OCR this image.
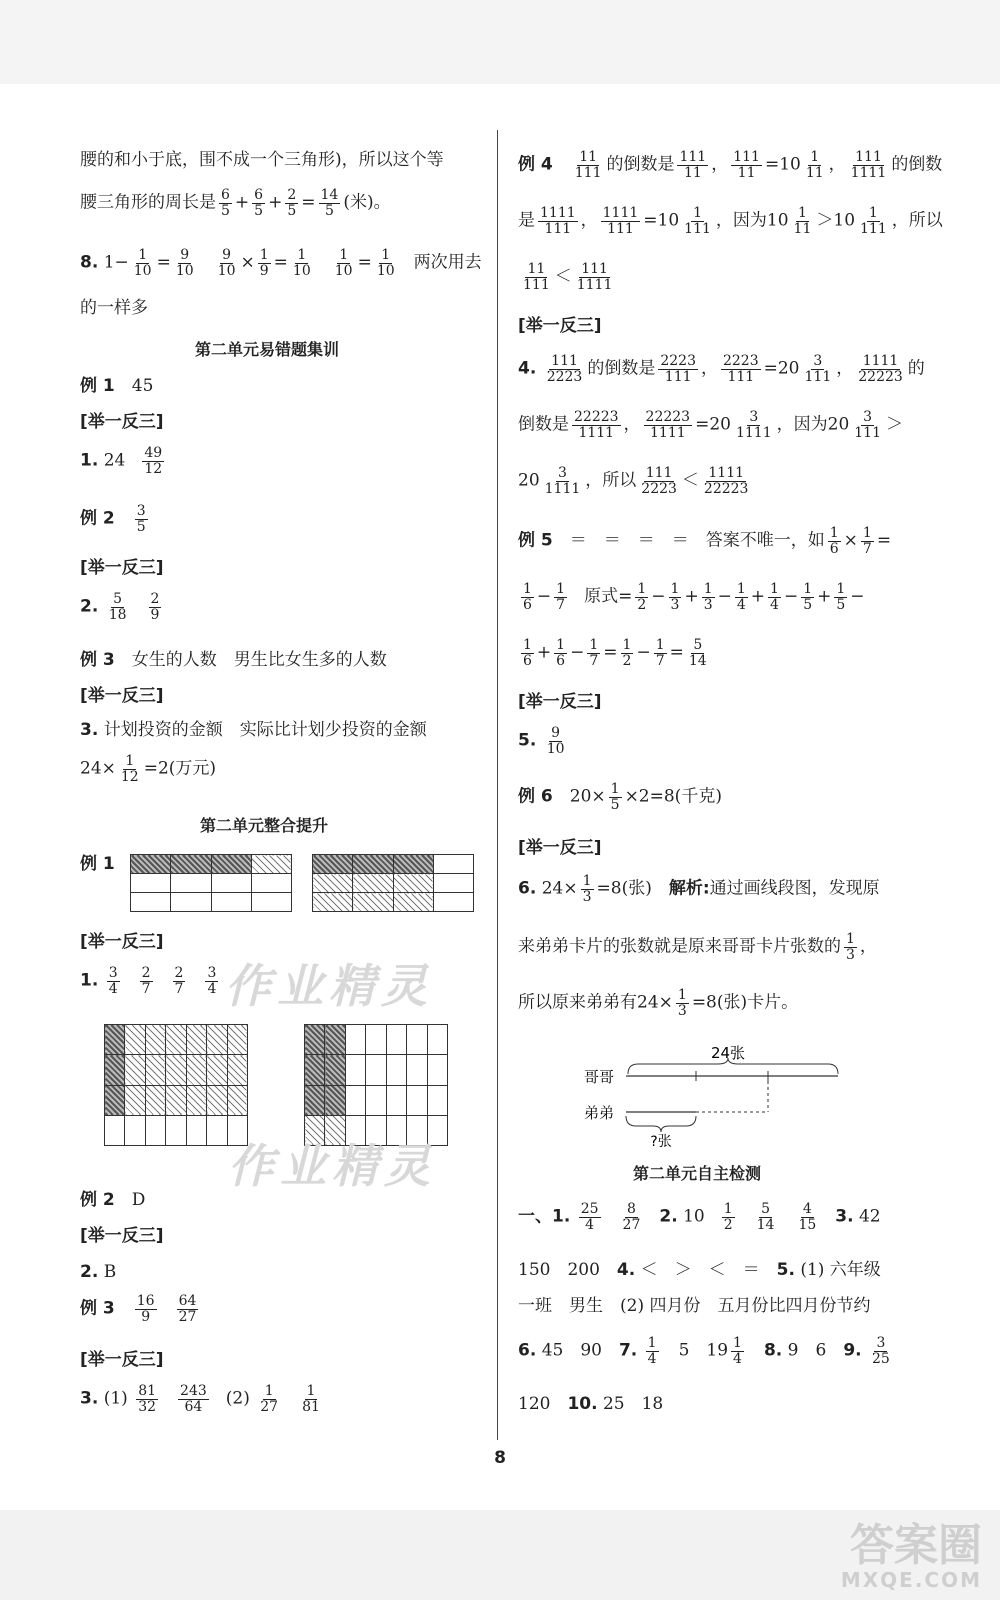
腰的和小于底，围不成一个三角形)，所以这个等
腰三角形的周长是 $\frac{6}{5} + \frac{6}{5} + \frac{2}{5} = \frac{14}{5}$ (米)。
8. $1- \frac{1}{10} = \frac{9}{10} \frac{9}{10} \times \frac{1}{9} = \frac{1}{10} \frac{1}{10} = \frac{1}{10}$ 两次用去
的一样多
第二单元易错题集训
例 1　 45
[举一反三]
1. $24 \frac{49}{12}$
例 2　 $\frac{3}{5}$
[举一反三]
2. $\frac{5}{18} \frac{2}{9}$
例 3　 女生的人数　男生比女生多的人数
[举一反三]
3. 计划投资的金额　实际比计划少投资的金额
$24\times \frac{1}{12} =2$(万元)
第二单元整合提升
例 1

[举一反三]
1. $\frac{3}{4} \frac{2}{7} \frac{2}{7} \frac{3}{4}$

例 2　 D
[举一反三]
2. B
例 3　 $\frac{16}{9} \frac{64}{27}$
[举一反三]
3. $(1) \frac{81}{32} \frac{243}{64} (2) \frac{1}{27} \frac{1}{81}$
例 4　 $\frac{11}{111}$ 的倒数是 $\frac{111}{11}$ ， $\frac{111}{11} =10 \frac{1}{11}$ ， $\frac{111}{1111}$ 的倒数
是 $\frac{1111}{111}$ ， $\frac{1111}{111} =10 \frac{1}{111}$ ，因为$10 \frac{1}{11} >10 \frac{1}{111}$ ，所以
$\frac{11}{111} < \frac{111}{1111}$
[举一反三]
4. $\frac{111}{2223}$ 的倒数是 $\frac{2223}{111}$ ， $\frac{2223}{111} =20 \frac{3}{111}$ ， $\frac{1111}{22223}$ 的
倒数是 $\frac{22223}{1111}$ ， $\frac{22223}{1111} =20 \frac{3}{1111}$ ，因为$20 \frac{3}{111}$ ＞
$20 \frac{3}{1111}$ ，所以 $\frac{111}{2223} < \frac{1111}{22223}$
例 5　 ＝　＝　＝　＝　答案不唯一，如 $\frac{1}{6} \times \frac{1}{7}$ =
$\frac{1}{6} - \frac{1}{7}$ 原式= $\frac{1}{2} - \frac{1}{3} + \frac{1}{3} - \frac{1}{4} + \frac{1}{4} - \frac{1}{5} + \frac{1}{5}$ −
$\frac{1}{6} + \frac{1}{6} - \frac{1}{7} = \frac{1}{2} - \frac{1}{7} = \frac{5}{14}$
[举一反三]
5. $\frac{9}{10}$
例 6　 $20\times \frac{1}{5} \times 2=8$(千克)
[举一反三]
6. $24\times \frac{1}{3} =8$(张)　 解析:通过画线段图，发现原
来弟弟卡片的张数就是原来哥哥卡片张数的 $\frac{1}{3}$ ，
所以原来弟弟有$24\times \frac{1}{3} =8$(张)卡片。
24张
哥哥
弟弟
?张
第二单元自主检测
一、1. $\frac{25}{4} \frac{8}{27} 2$. $10 \frac{1}{2} \frac{5}{14} \frac{4}{15} 3$. 42
150　200　 4. ＜　＞　＜　＝　 5. (1) 六年级
一班　男生　(2) 四月份　五月份比四月份节约
6. 45　90　 7. $\frac{1}{4}$
　 5　$19 \frac{1}{4}$
　 8. 9　6　 9. $\frac{3}{25}$
120　 10. 25　18
作业精灵
作业精灵
8
答案圈
MXQE.COM
